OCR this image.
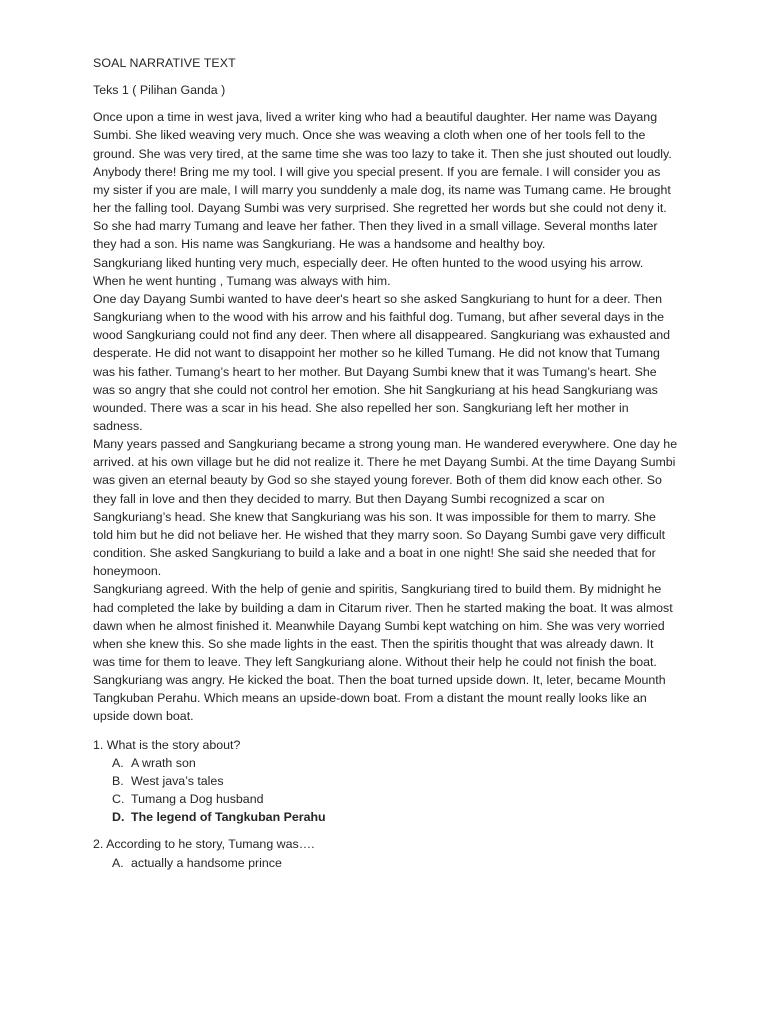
SOAL NARRATIVE TEXT
Teks 1 ( Pilihan Ganda )

Once upon a time in west java, lived a writer king who had a beautiful daughter. Her name was Dayang Sumbi. She liked weaving very much. Once she was weaving a cloth when one of her tools fell to the ground. She was very tired, at the same time she was too lazy to take it. Then she just shouted out loudly.

Anybody there! Bring me my tool. I will give you special present. If you are female. I will consider you as my sister if you are male, I will marry you sunddenly a male dog, its name was Tumang came. He brought her the falling tool. Dayang Sumbi was very surprised. She regretted her words but she could not deny it. So she had marry Tumang and leave her father. Then they lived in a small village. Several months later they had a son. His name was Sangkuriang. He was a handsome and healthy boy.

Sangkuriang liked hunting very much, especially deer. He often hunted to the wood usying his arrow. When he went hunting , Tumang was always with him.

One day Dayang Sumbi wanted to have deer's heart so she asked Sangkuriang to hunt for a deer. Then Sangkuriang when to the wood with his arrow and his faithful dog. Tumang, but afher several days in the wood Sangkuriang could not find any deer. Then where all disappeared. Sangkuriang was exhausted and desperate. He did not want to disappoint her mother so he killed Tumang. He did not know that Tumang was his father. Tumang’s heart to her mother. But Dayang Sumbi knew that it was Tumang’s heart. She was so angry that she could not control her emotion. She hit Sangkuriang at his head Sangkuriang was wounded. There was a scar in his head. She also repelled her son. Sangkuriang left her mother in sadness.

Many years passed and Sangkuriang became a strong young man. He wandered everywhere. One day he arrived. at his own village but he did not realize it. There he met Dayang Sumbi. At the time Dayang Sumbi was given an eternal beauty by God so she stayed young forever. Both of them did know each other. So they fall in love and then they decided to marry. But then Dayang Sumbi recognized a scar on Sangkuriang’s head. She knew that Sangkuriang was his son. It was impossible for them to marry. She told him but he did not beliave her. He wished that they marry soon. So Dayang Sumbi gave very difficult condition. She asked Sangkuriang to build a lake and a boat in one night! She said she needed that for honeymoon.

Sangkuriang agreed. With the help of genie and spiritis, Sangkuriang tired to build them. By midnight he had completed the lake by building a dam in Citarum river. Then he started making the boat. It was almost dawn when he almost finished it. Meanwhile Dayang Sumbi kept watching on him. She was very worried when she knew this. So she made lights in the east. Then the spiritis thought that was already dawn. It was time for them to leave. They left Sangkuriang alone. Without their help he could not finish the boat.

Sangkuriang was angry. He kicked the boat. Then the boat turned upside down. It, leter, became Mounth Tangkuban Perahu. Which means an upside-down boat. From a distant the mount really looks like an upside down boat.

1. What is the story about?

A. A wrath son
B. West java’s tales
C. Tumang a Dog husband
D. The legend of Tangkuban Perahu

2. According to he story, Tumang was….

A. actually a handsome prince
